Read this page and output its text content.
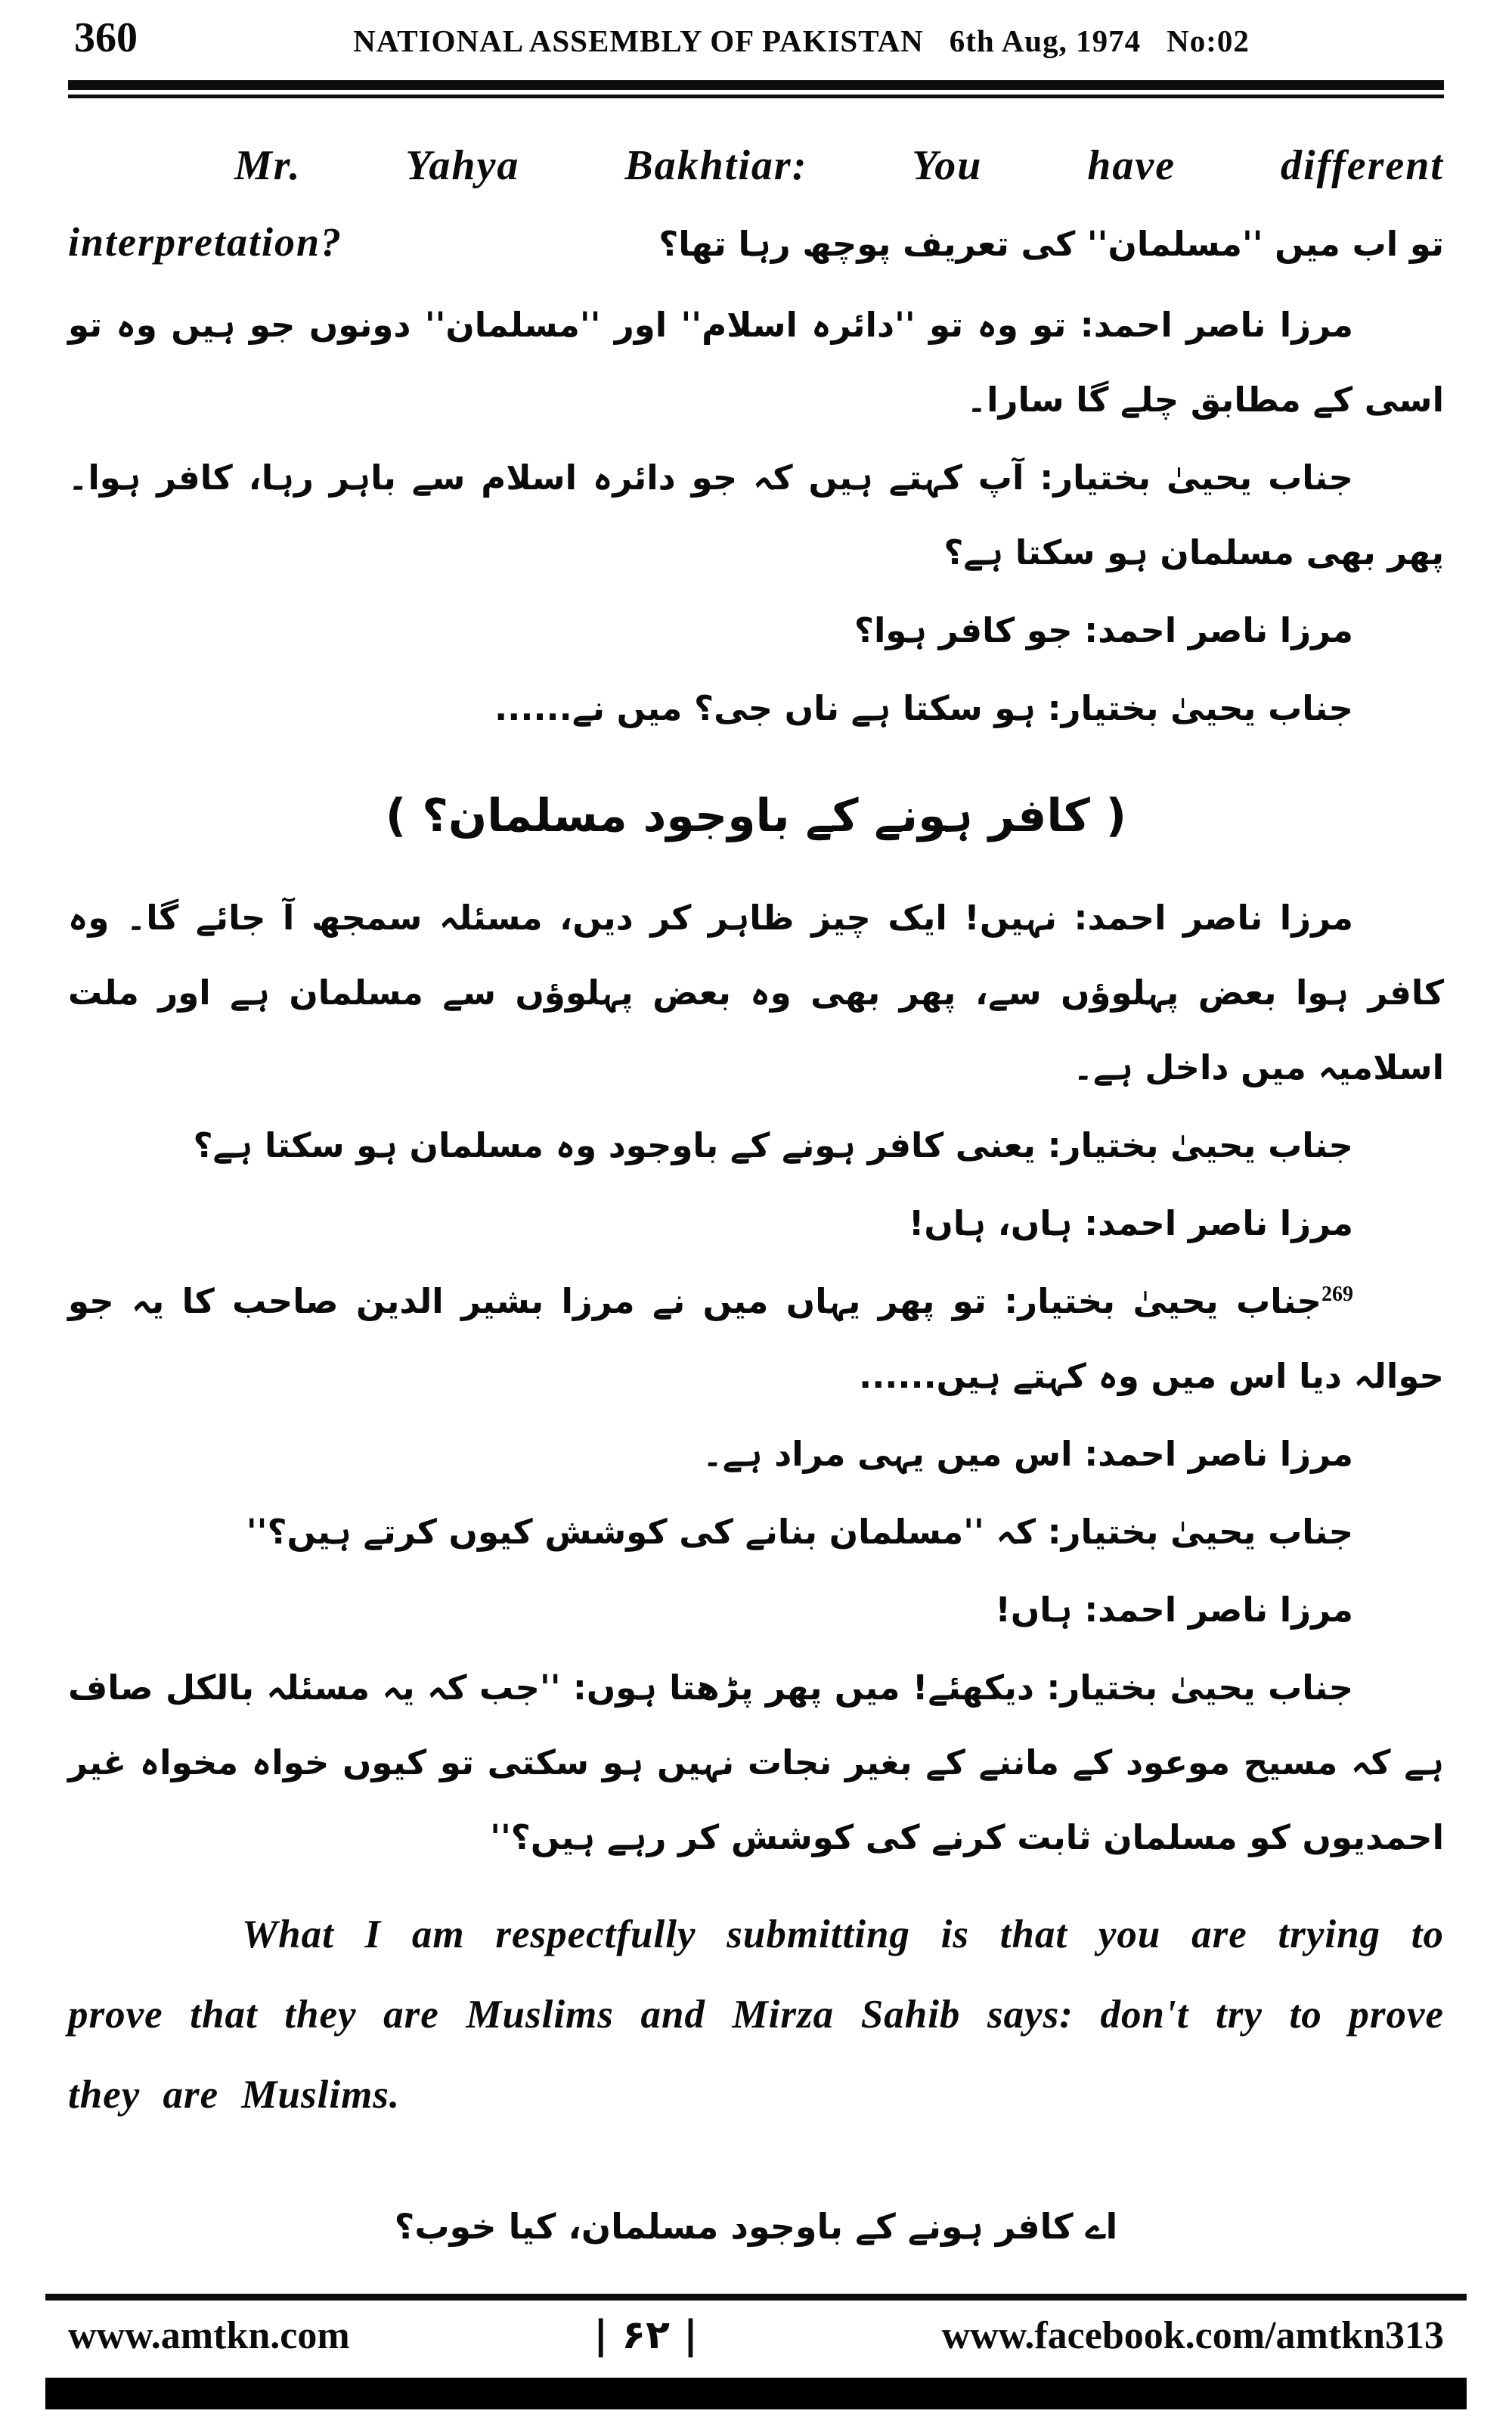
360	NATIONAL ASSEMBLY OF PAKISTAN 6th Aug, 1974 No:02
Mr. Yahya Bakhtiar: You have different
interpretation?	تو اب میں ''مسلمان'' کی تعریف پوچھ رہا تھا؟

مرزا ناصر احمد: تو وہ تو ''دائرہ اسلام'' اور ''مسلمان'' دونوں جو ہیں وہ تو اسی کے مطابق چلے گا سارا۔

جناب یحییٰ بختیار: آپ کہتے ہیں کہ جو دائرہ اسلام سے باہر رہا، کافر ہوا۔ پھر بھی مسلمان ہو سکتا ہے؟

مرزا ناصر احمد: جو کافر ہوا؟

جناب یحییٰ بختیار: ہو سکتا ہے ناں جی؟ میں نے......

( کافر ہونے کے باوجود مسلمان؟ )

مرزا ناصر احمد: نہیں! ایک چیز ظاہر کر دیں، مسئلہ سمجھ آ جائے گا۔ وہ کافر ہوا بعض پہلوؤں سے، پھر بھی وہ بعض پہلوؤں سے مسلمان ہے اور ملت اسلامیہ میں داخل ہے۔

جناب یحییٰ بختیار: یعنی کافر ہونے کے باوجود وہ مسلمان ہو سکتا ہے؟

مرزا ناصر احمد: ہاں، ہاں!

$^{269}$جناب یحییٰ بختیار: تو پھر یہاں میں نے مرزا بشیر الدین صاحب کا یہ جو حوالہ دیا اس میں وہ کہتے ہیں......

مرزا ناصر احمد: اس میں یہی مراد ہے۔

جناب یحییٰ بختیار: کہ ''مسلمان بنانے کی کوشش کیوں کرتے ہیں؟''

مرزا ناصر احمد: ہاں!

جناب یحییٰ بختیار: دیکھئے! میں پھر پڑھتا ہوں: ''جب کہ یہ مسئلہ بالکل صاف ہے کہ مسیح موعود کے ماننے کے بغیر نجات نہیں ہو سکتی تو کیوں خواہ مخواہ غیر احمدیوں کو مسلمان ثابت کرنے کی کوشش کر رہے ہیں؟''

What I am respectfully submitting is that you are trying to prove that they are Muslims and Mirza Sahib says: don't try to prove they are Muslims.

اے کافر ہونے کے باوجود مسلمان، کیا خوب؟
www.amtkn.com	| ۶۲ |	www.facebook.com/amtkn313
